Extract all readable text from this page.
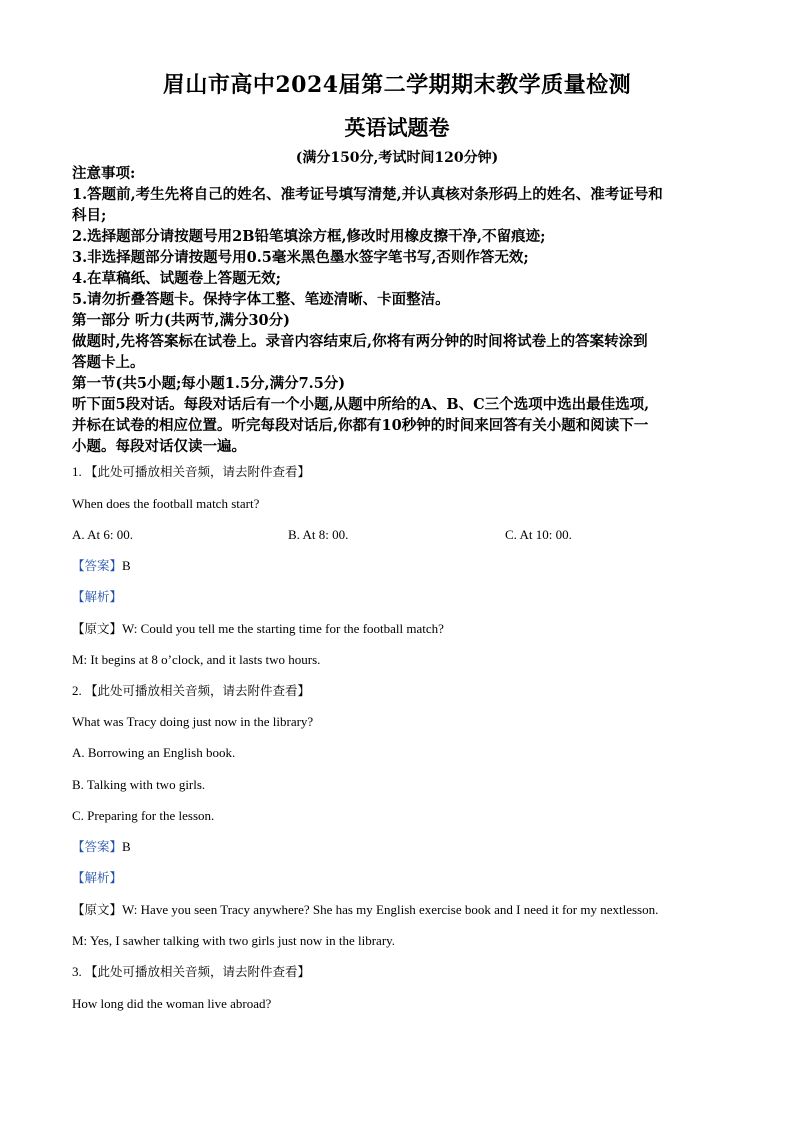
眉山市高中2024届第二学期期末教学质量检测
英语试题卷
(满分150分,考试时间120分钟)
注意事项:
1.答题前,考生先将自己的姓名、准考证号填写清楚,并认真核对条形码上的姓名、准考证号和
科目;
2.选择题部分请按题号用2B铅笔填涂方框,修改时用橡皮擦干净,不留痕迹;
3.非选择题部分请按题号用0.5毫米黑色墨水签字笔书写,否则作答无效;
4.在草稿纸、试题卷上答题无效;
5.请勿折叠答题卡。保持字体工整、笔迹清晰、卡面整洁。
第一部分 听力(共两节,满分30分)
做题时,先将答案标在试卷上。录音内容结束后,你将有两分钟的时间将试卷上的答案转涂到
答题卡上。
第一节(共5小题;每小题1.5分,满分7.5分)
听下面5段对话。每段对话后有一个小题,从题中所给的A、B、C三个选项中选出最佳选项,
并标在试卷的相应位置。听完每段对话后,你都有10秒钟的时间来回答有关小题和阅读下一
小题。每段对话仅读一遍。
1. 【此处可播放相关音频，请去附件查看】
When does the football match start?
A. At 6: 00.	B. At 8: 00.	C. At 10: 00.
【答案】B
【解析】
【原文】W: Could you tell me the starting time for the football match?
M: It begins at 8 o’clock, and it lasts two hours.
2. 【此处可播放相关音频，请去附件查看】
What was Tracy doing just now in the library?
A. Borrowing an English book.
B. Talking with two girls.
C. Preparing for the lesson.
【答案】B
【解析】
【原文】W: Have you seen Tracy anywhere? She has my English exercise book and I need it for my nextlesson.
M: Yes, I sawher talking with two girls just now in the library.
3. 【此处可播放相关音频，请去附件查看】
How long did the woman live abroad?
